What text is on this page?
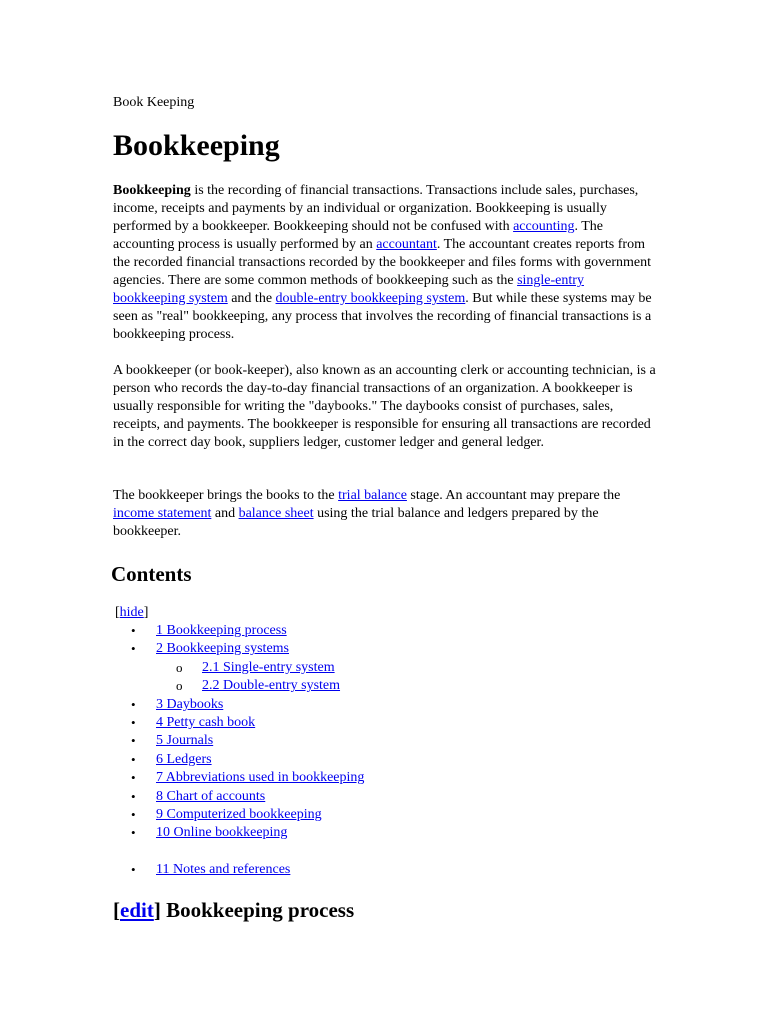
Book Keeping
Bookkeeping

Bookkeeping is the recording of financial transactions. Transactions include sales, purchases, income, receipts and payments by an individual or organization. Bookkeeping is usually performed by a bookkeeper. Bookkeeping should not be confused with accounting. The accounting process is usually performed by an accountant. The accountant creates reports from the recorded financial transactions recorded by the bookkeeper and files forms with government agencies. There are some common methods of bookkeeping such as the single-entry bookkeeping system and the double-entry bookkeeping system. But while these systems may be seen as "real" bookkeeping, any process that involves the recording of financial transactions is a bookkeeping process.

A bookkeeper (or book-keeper), also known as an accounting clerk or accounting technician, is a person who records the day-to-day financial transactions of an organization. A bookkeeper is usually responsible for writing the "daybooks." The daybooks consist of purchases, sales, receipts, and payments. The bookkeeper is responsible for ensuring all transactions are recorded in the correct day book, suppliers ledger, customer ledger and general ledger.

The bookkeeper brings the books to the trial balance stage. An accountant may prepare the income statement and balance sheet using the trial balance and ledgers prepared by the bookkeeper.

Contents
[hide]
• 1 Bookkeeping process
• 2 Bookkeeping systems
o 2.1 Single-entry system
o 2.2 Double-entry system
• 3 Daybooks
• 4 Petty cash book
• 5 Journals
• 6 Ledgers
• 7 Abbreviations used in bookkeeping
• 8 Chart of accounts
• 9 Computerized bookkeeping
• 10 Online bookkeeping
• 11 Notes and references
[edit] Bookkeeping process
